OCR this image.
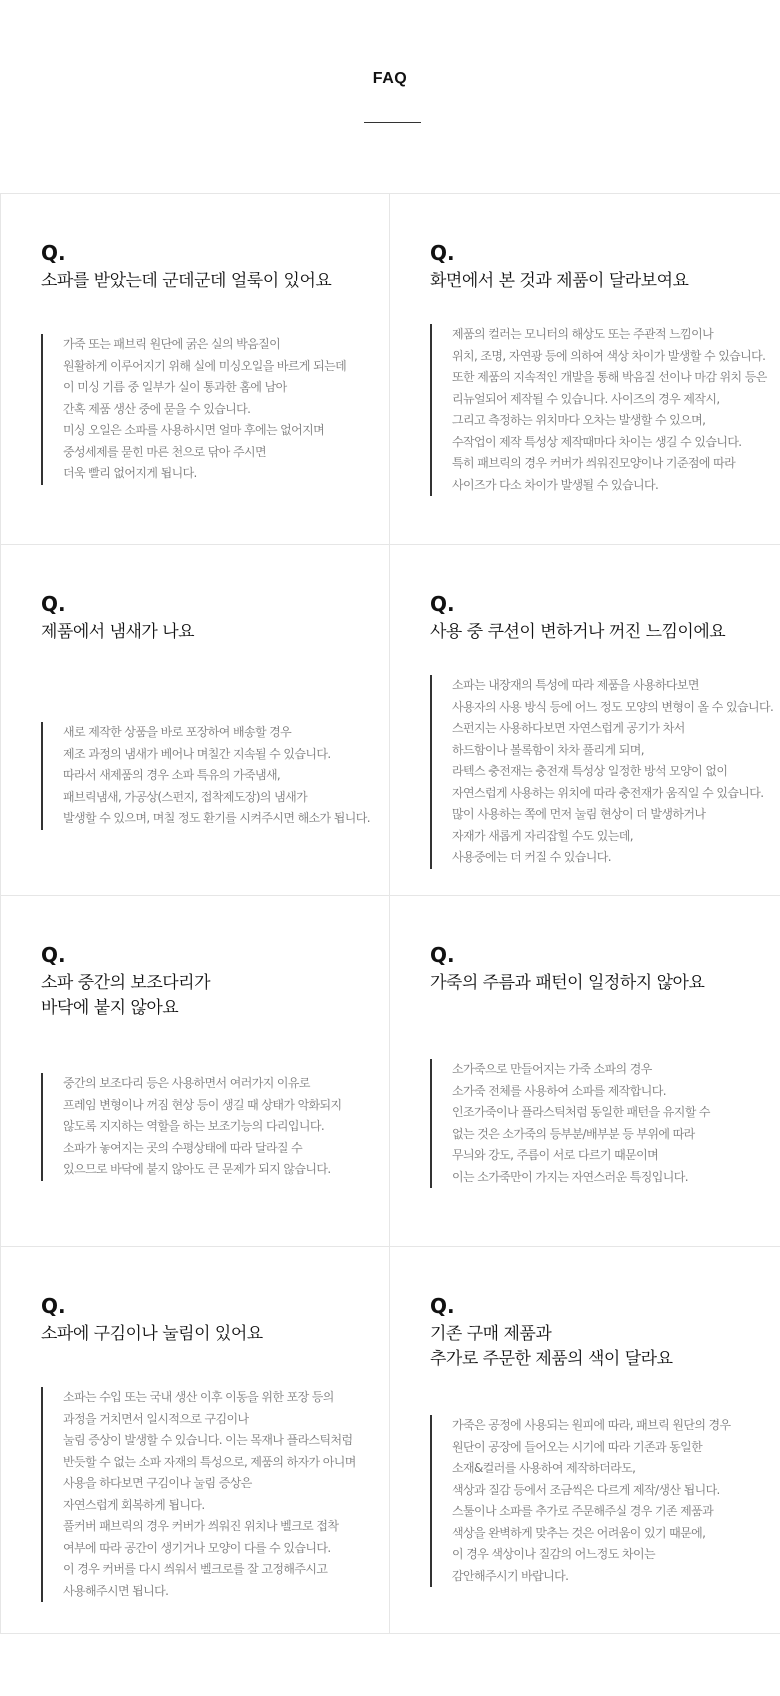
FAQ
Q.
소파를 받았는데 군데군데 얼룩이 있어요
가죽 또는 패브릭 원단에 굵은 실의 박음질이
원활하게 이루어지기 위해 실에 미싱오일을 바르게 되는데
이 미싱 기름 중 일부가 실이 통과한 홈에 남아
간혹 제품 생산 중에 묻을 수 있습니다.
미싱 오일은 소파를 사용하시면 얼마 후에는 없어지며
중성세제를 묻힌 마른 천으로 닦아 주시면
더욱 빨리 없어지게 됩니다.
Q.
화면에서 본 것과 제품이 달라보여요
제품의 컬러는 모니터의 해상도 또는 주관적 느낌이나
위치, 조명, 자연광 등에 의하여 색상 차이가 발생할 수 있습니다.
또한 제품의 지속적인 개발을 통해 박음질 선이나 마감 위치 등은
리뉴얼되어 제작될 수 있습니다. 사이즈의 경우 제작시,
그리고 측정하는 위치마다 오차는 발생할 수 있으며,
수작업이 제작 특성상 제작때마다 차이는 생길 수 있습니다.
특히 패브릭의 경우 커버가 씌워진모양이나 기준점에 따라
사이즈가 다소 차이가 발생될 수 있습니다.
Q.
제품에서 냄새가 나요
새로 제작한 상품을 바로 포장하여 배송할 경우
제조 과정의 냄새가 베어나 며칠간 지속될 수 있습니다.
따라서 새제품의 경우 소파 특유의 가죽냄새,
패브릭냄새, 가공상(스펀지, 접착제도장)의 냄새가
발생할 수 있으며, 며칠 정도 환기를 시켜주시면 해소가 됩니다.
Q.
사용 중 쿠션이 변하거나 꺼진 느낌이에요
소파는 내장재의 특성에 따라 제품을 사용하다보면
사용자의 사용 방식 등에 어느 정도 모양의 변형이 올 수 있습니다.
스펀지는 사용하다보면 자연스럽게 공기가 차서
하드함이나 볼록함이 차차 풀리게 되며,
라텍스 충전재는 충전재 특성상 일정한 방석 모양이 없이
자연스럽게 사용하는 위치에 따라 충전재가 움직일 수 있습니다.
많이 사용하는 쪽에 먼저 눌림 현상이 더 발생하거나
자재가 새롭게 자리잡힐 수도 있는데,
사용중에는 더 커질 수 있습니다.
Q.
소파 중간의 보조다리가
바닥에 붙지 않아요
중간의 보조다리 등은 사용하면서 여러가지 이유로
프레임 변형이나 꺼짐 현상 등이 생길 때 상태가 악화되지
않도록 지지하는 역할을 하는 보조기능의 다리입니다.
소파가 놓여지는 곳의 수평상태에 따라 달라질 수
있으므로 바닥에 붙지 않아도 큰 문제가 되지 않습니다.
Q.
가죽의 주름과 패턴이 일정하지 않아요
소가죽으로 만들어지는 가죽 소파의 경우
소가죽 전체를 사용하여 소파를 제작합니다.
인조가죽이나 플라스틱처럼 동일한 패턴을 유지할 수
없는 것은 소가죽의 등부분/배부분 등 부위에 따라
무늬와 강도, 주름이 서로 다르기 때문이며
이는 소가죽만이 가지는 자연스러운 특징입니다.
Q.
소파에 구김이나 눌림이 있어요
소파는 수입 또는 국내 생산 이후 이동을 위한 포장 등의
과정을 거치면서 일시적으로 구김이나
눌림 증상이 발생할 수 있습니다. 이는 목재나 플라스틱처럼
반듯할 수 없는 소파 자재의 특성으로, 제품의 하자가 아니며
사용을 하다보면 구김이나 눌림 증상은
자연스럽게 회복하게 됩니다.
풀커버 패브릭의 경우 커버가 씌워진 위치나 벨크로 접착
여부에 따라 공간이 생기거나 모양이 다를 수 있습니다.
이 경우 커버를 다시 씌워서 벨크로를 잘 고정해주시고
사용해주시면 됩니다.
Q.
기존 구매 제품과
추가로 주문한 제품의 색이 달라요
가죽은 공정에 사용되는 원피에 따라, 패브릭 원단의 경우
원단이 공장에 들어오는 시기에 따라 기존과 동일한
소재&컬러를 사용하여 제작하더라도,
색상과 질감 등에서 조금씩은 다르게 제작/생산 됩니다.
스툴이나 소파를 추가로 주문해주실 경우 기존 제품과
색상을 완벽하게 맞추는 것은 어려움이 있기 때문에,
이 경우 색상이나 질감의 어느정도 차이는
감안해주시기 바랍니다.
